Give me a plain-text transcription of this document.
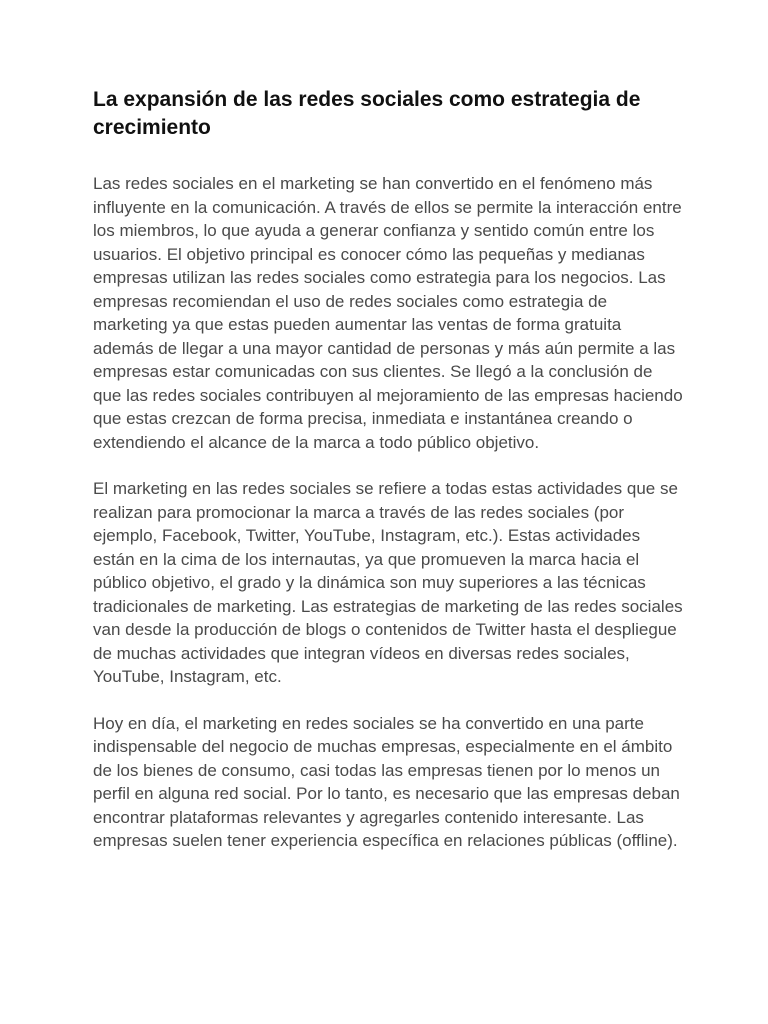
La expansión de las redes sociales como estrategia de crecimiento

Las redes sociales en el marketing se han convertido en el fenómeno más influyente en la comunicación. A través de ellos se permite la interacción entre los miembros, lo que ayuda a generar confianza y sentido común entre los usuarios. El objetivo principal es conocer cómo las pequeñas y medianas empresas utilizan las redes sociales como estrategia para los negocios. Las empresas recomiendan el uso de redes sociales como estrategia de marketing ya que estas pueden aumentar las ventas de forma gratuita además de llegar a una mayor cantidad de personas y más aún permite a las empresas estar comunicadas con sus clientes. Se llegó a la conclusión de que las redes sociales contribuyen al mejoramiento de las empresas haciendo que estas crezcan de forma precisa, inmediata e instantánea creando o extendiendo el alcance de la marca a todo público objetivo.

El marketing en las redes sociales se refiere a todas estas actividades que se realizan para promocionar la marca a través de las redes sociales (por ejemplo, Facebook, Twitter, YouTube, Instagram, etc.). Estas actividades están en la cima de los internautas, ya que promueven la marca hacia el público objetivo, el grado y la dinámica son muy superiores a las técnicas tradicionales de marketing. Las estrategias de marketing de las redes sociales van desde la producción de blogs o contenidos de Twitter hasta el despliegue de muchas actividades que integran vídeos en diversas redes sociales, YouTube, Instagram, etc.

Hoy en día, el marketing en redes sociales se ha convertido en una parte indispensable del negocio de muchas empresas, especialmente en el ámbito de los bienes de consumo, casi todas las empresas tienen por lo menos un perfil en alguna red social. Por lo tanto, es necesario que las empresas deban encontrar plataformas relevantes y agregarles contenido interesante. Las empresas suelen tener experiencia específica en relaciones públicas (offline).
